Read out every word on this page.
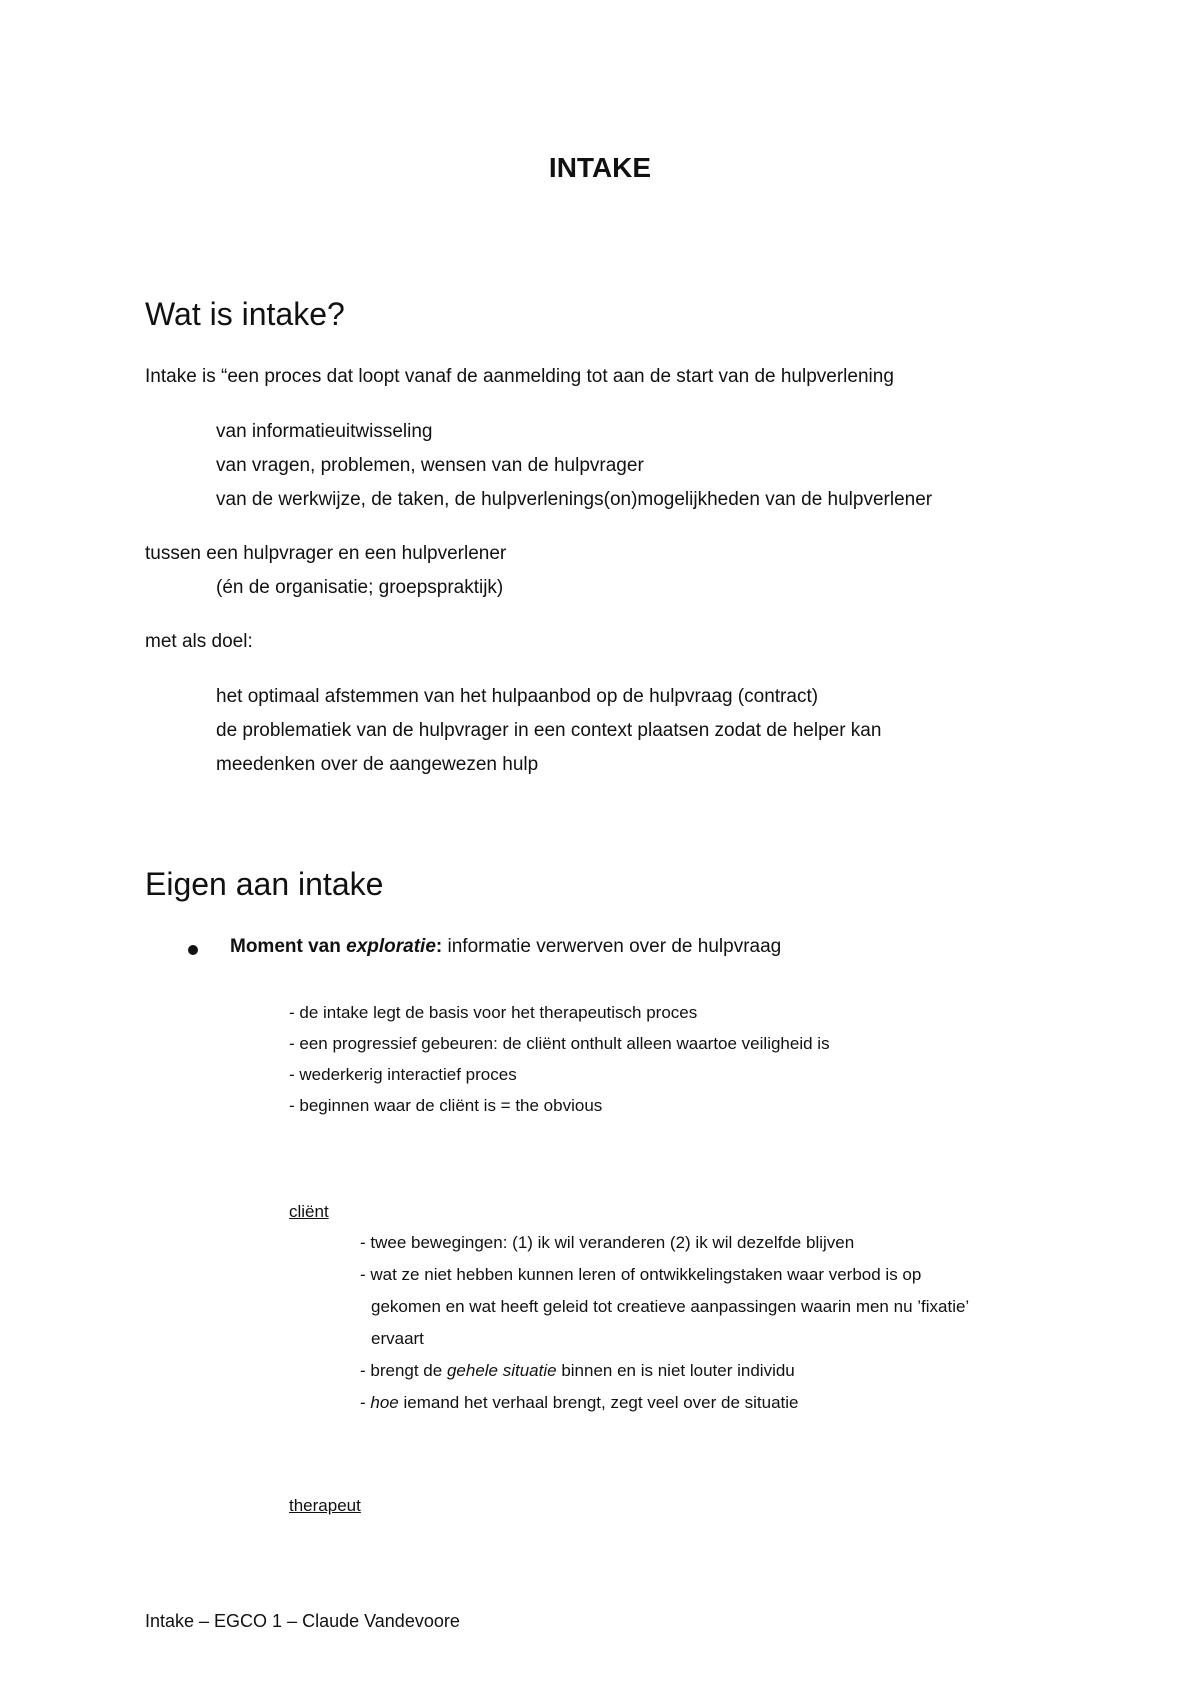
INTAKE
Wat is intake?
Intake is “een proces dat loopt vanaf de aanmelding tot aan de start van de hulpverlening
van informatieuitwisseling
van vragen, problemen, wensen van de hulpvrager
van de werkwijze, de taken, de hulpverlenings(on)mogelijkheden van de hulpverlener
tussen een hulpvrager en een hulpverlener
(én de organisatie; groepspraktijk)
met als doel:
het optimaal afstemmen van het hulpaanbod op de hulpvraag (contract)
de problematiek van de hulpvrager in een context plaatsen zodat de helper kan
meedenken over de aangewezen hulp
Eigen aan intake
Moment van exploratie: informatie verwerven over de hulpvraag
- de intake legt de basis voor het therapeutisch proces
- een progressief gebeuren: de cliënt onthult alleen waartoe veiligheid is
- wederkerig interactief proces
- beginnen waar de cliënt is = the obvious
cliënt
- twee bewegingen: (1) ik wil veranderen (2) ik wil dezelfde blijven
- wat ze niet hebben kunnen leren of ontwikkelingstaken waar verbod is op
gekomen en wat heeft geleid tot creatieve aanpassingen waarin men nu ’fixatie’
ervaart
- brengt de gehele situatie binnen en is niet louter individu
- hoe iemand het verhaal brengt, zegt veel over de situatie
therapeut
Intake – EGCO 1 – Claude Vandevoore
